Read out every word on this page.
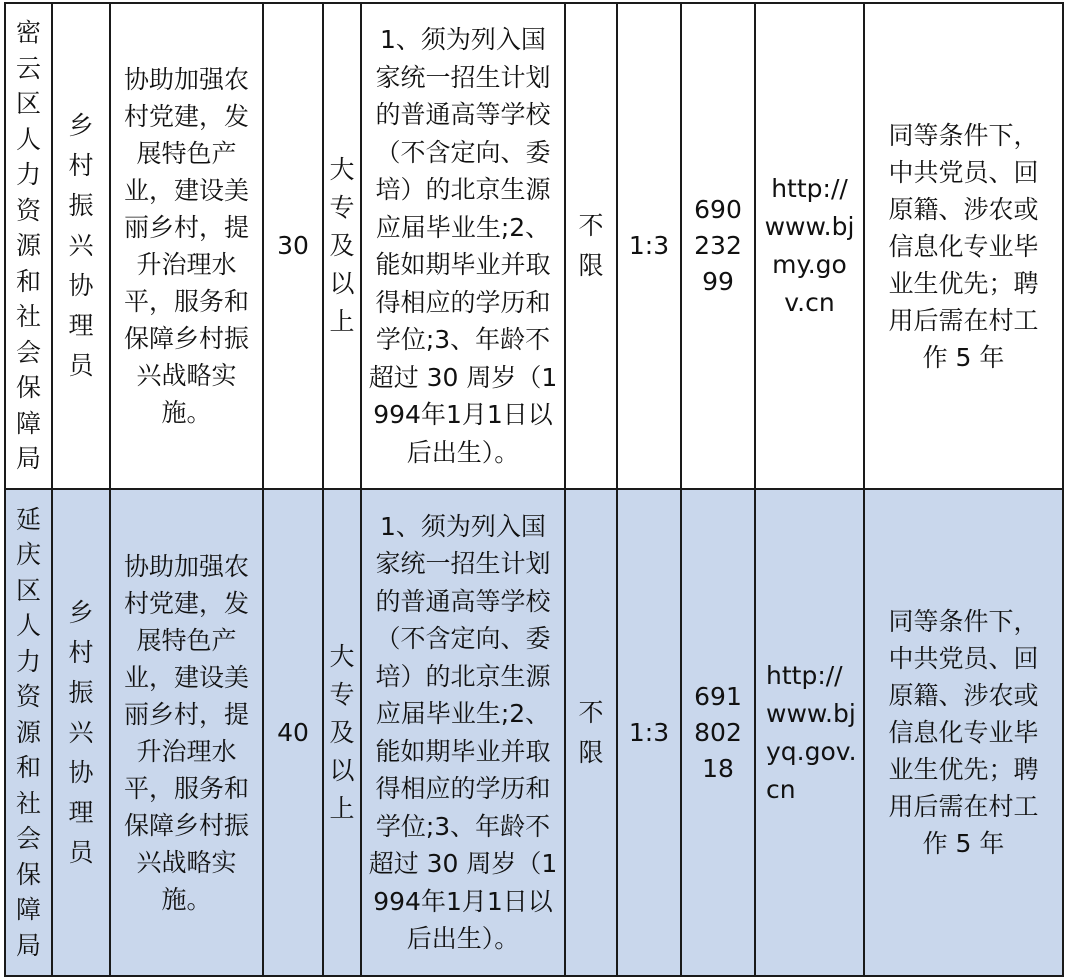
密云区人力资源和社会保障局	乡村振兴协理员	协助加强农村党建，发展特色产业，建设美丽乡村，提升治理水平，服务和保障乡村振兴战略实施。	30	大专及以上	1、须为列入国家统一招生计划的普通高等学校（不含定向、委培）的北京生源应届毕业生;2、能如期毕业并取得相应的学历和学位;3、年龄不超过 30 周岁（1994年1月1日以后出生）。	不限	1:3	69023299	http://www.bjmy.gov.cn	同等条件下，中共党员、回原籍、涉农或信息化专业毕业生优先；聘用后需在村工作 5 年

延庆区人力资源和社会保障局	乡村振兴协理员	协助加强农村党建，发展特色产业，建设美丽乡村，提升治理水平，服务和保障乡村振兴战略实施。	40	大专及以上	1、须为列入国家统一招生计划的普通高等学校（不含定向、委培）的北京生源应届毕业生;2、能如期毕业并取得相应的学历和学位;3、年龄不超过 30 周岁（1994年1月1日以后出生）。	不限	1:3	69180218	http://www.bjyq.gov.cn	同等条件下，中共党员、回原籍、涉农或信息化专业毕业生优先；聘用后需在村工作 5 年
